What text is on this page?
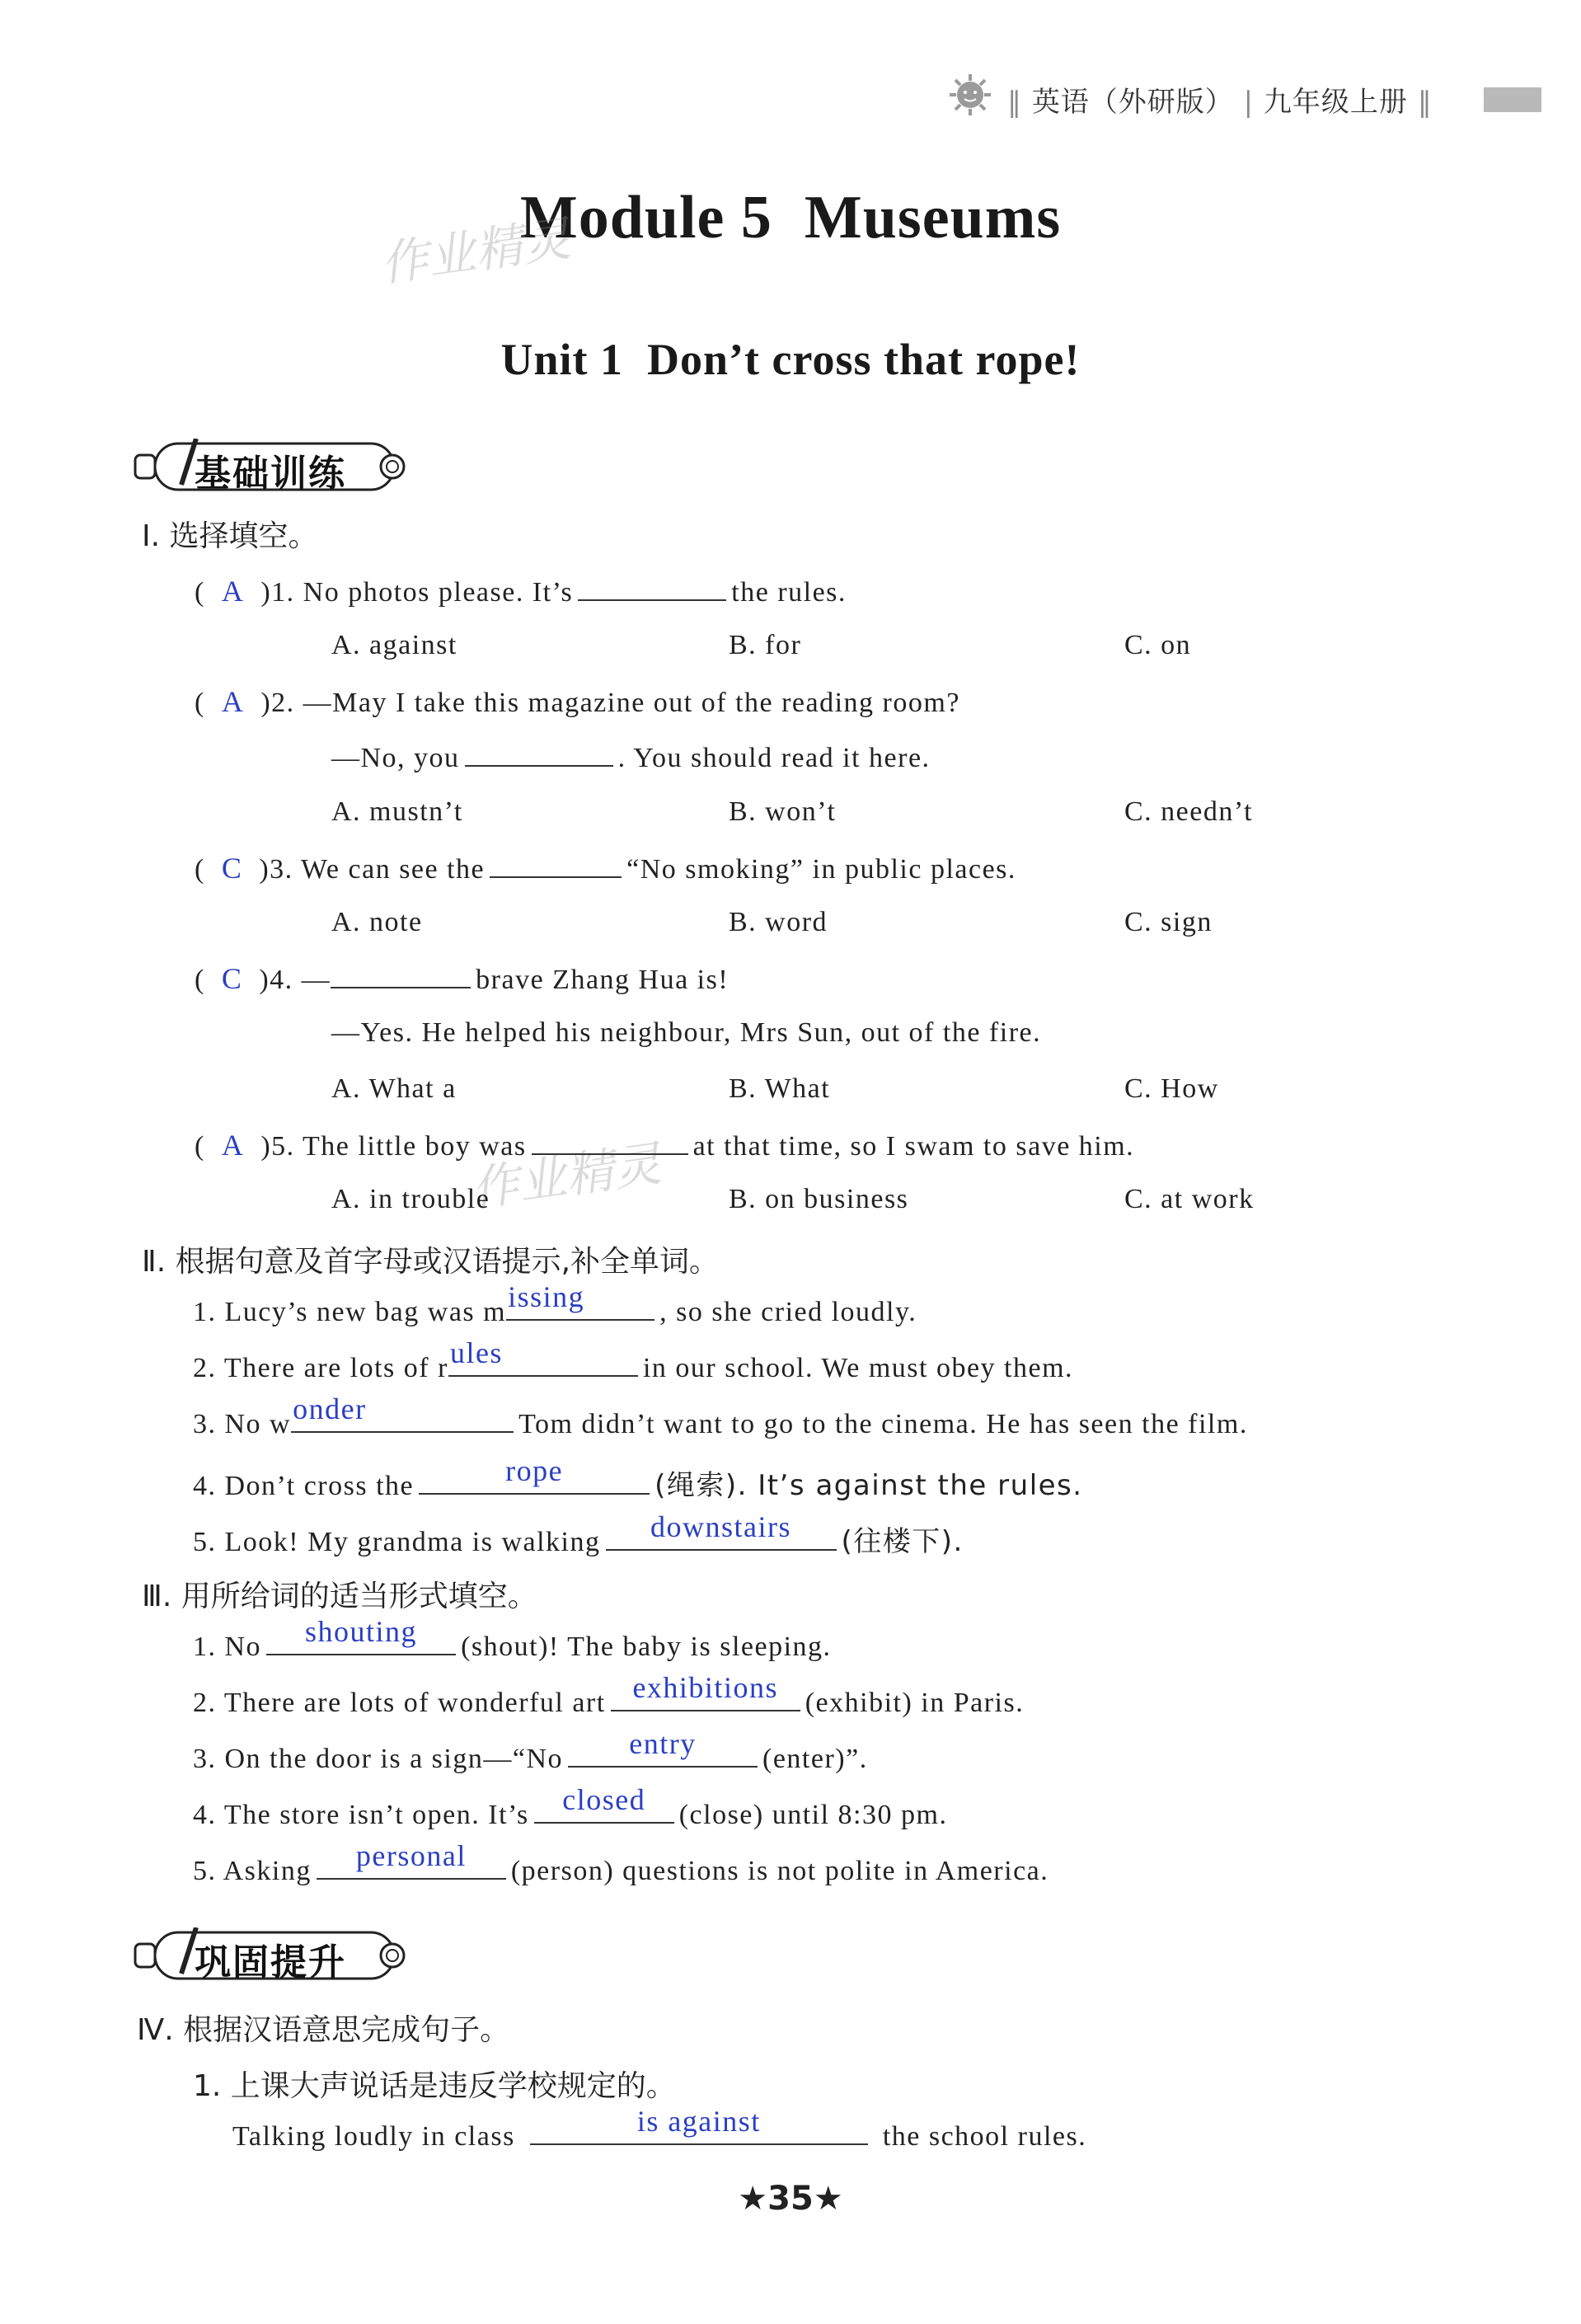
‖ 英语（外研版） | 九年级上册 ‖
Module 5  Museums
Unit 1  Don’t cross that rope!
作业精灵
作业精灵
基础训练
Ⅰ. 选择填空。
(  A )1. No photos please. It’s	the rules.
A. against	B. for	C. on
(  A )2. —May I take this magazine out of the reading room?
—No, you	. You should read it here.
A. mustn’t	B. won’t	C. needn’t
(  C )3. We can see the	“No smoking” in public places.
A. note	B. word	C. sign
(  C )4. —	brave Zhang Hua is!
—Yes. He helped his neighbour, Mrs Sun, out of the fire.
A. What a	B. What	C. How
(  A )5. The little boy was	at that time, so I swam to save him.
A. in trouble	B. on business	C. at work
Ⅱ. 根据句意及首字母或汉语提示,补全单词。
1. Lucy’s new bag was m issing	, so she cried loudly.
2. There are lots of r ules	in our school. We must obey them.
3. No w onder	Tom didn’t want to go to the cinema. He has seen the film.
4. Don’t cross the	rope	(绳索). It’s against the rules.
5. Look! My grandma is walking	downstairs	(往楼下).
Ⅲ. 用所给词的适当形式填空。
1. No	shouting	(shout)! The baby is sleeping.
2. There are lots of wonderful art exhibitions (exhibit) in Paris.
3. On the door is a sign—“No	entry	(enter)”.
4. The store isn’t open. It’s	closed	(close) until 8:30 pm.
5. Asking	personal	(person) questions is not polite in America.
巩固提升
Ⅳ. 根据汉语意思完成句子。
1. 上课大声说话是违反学校规定的。
Talking loudly in class	is against	the school rules.
★35★
